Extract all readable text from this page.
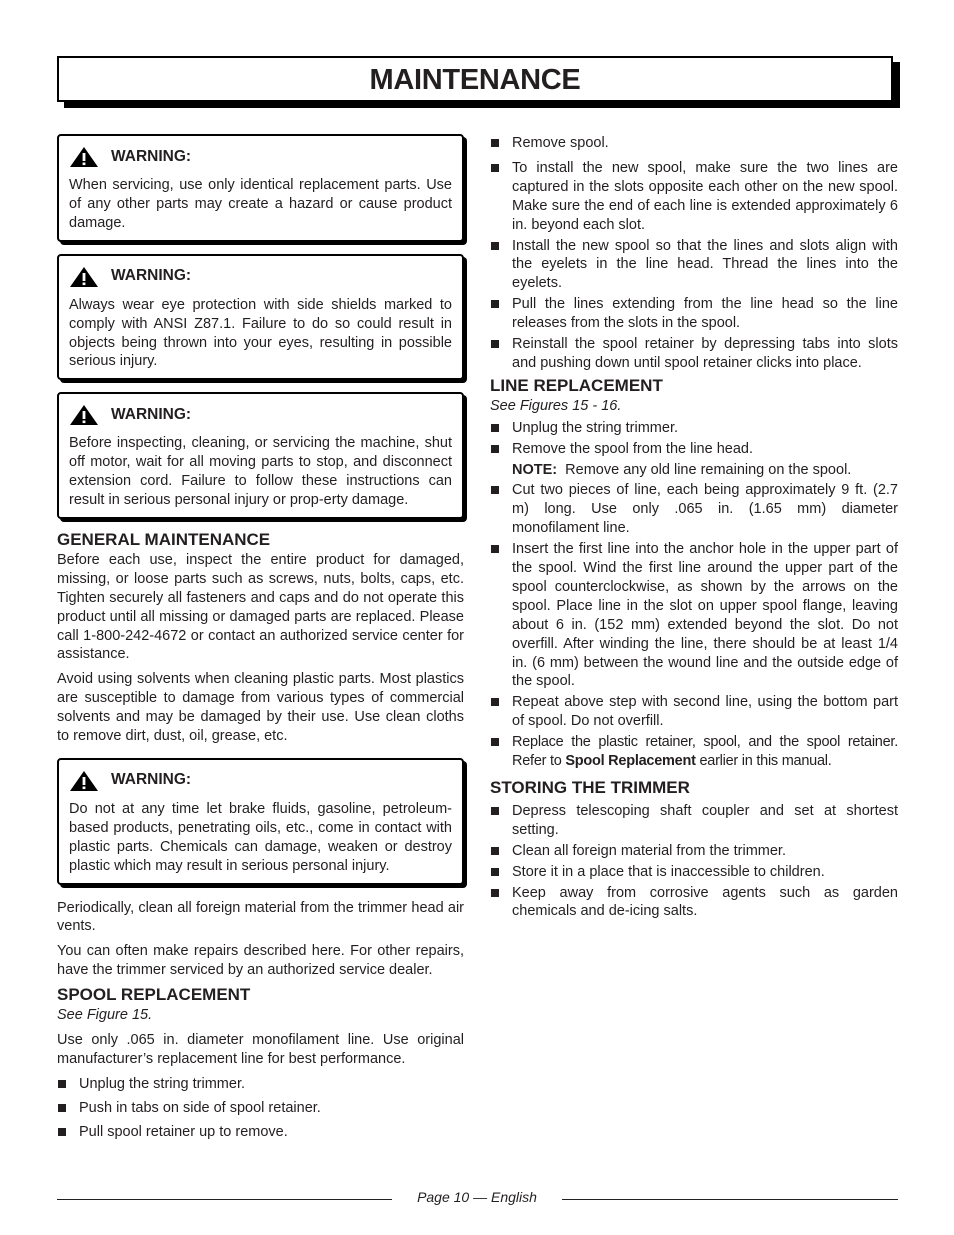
MAINTENANCE
WARNING:

When servicing, use only identical replacement parts. Use of any other parts may create a hazard or cause product damage.

WARNING:

Always wear eye protection with side shields marked to comply with ANSI Z87.1. Failure to do so could result in objects being thrown into your eyes, resulting in possible serious injury.

WARNING:

Before inspecting, cleaning, or servicing the machine, shut off motor, wait for all moving parts to stop, and disconnect extension cord. Failure to follow these instructions can result in serious personal injury or prop-erty damage.

GENERAL MAINTENANCE

Before each use, inspect the entire product for damaged, missing, or loose parts such as screws, nuts, bolts, caps, etc. Tighten securely all fasteners and caps and do not operate this product until all missing or damaged parts are replaced. Please call 1-800-242-4672 or contact an authorized service center for assistance.

Avoid using solvents when cleaning plastic parts. Most plastics are susceptible to damage from various types of commercial solvents and may be damaged by their use. Use clean cloths to remove dirt, dust, oil, grease, etc.

WARNING:

Do not at any time let brake fluids, gasoline, petroleum-based products, penetrating oils, etc., come in contact with plastic parts. Chemicals can damage, weaken or destroy plastic which may result in serious personal injury.

Periodically, clean all foreign material from the trimmer head air vents.

You can often make repairs described here. For other repairs, have the trimmer serviced by an authorized service dealer.

SPOOL REPLACEMENT

See Figure 15.

Use only .065 in. diameter monofilament line. Use original manufacturer’s replacement line for best performance.

Unplug the string trimmer.
Push in tabs on side of spool retainer.
Pull spool retainer up to remove.
Remove spool.
To install the new spool, make sure the two lines are captured in the slots opposite each other on the new spool. Make sure the end of each line is extended approximately 6 in. beyond each slot.
Install the new spool so that the lines and slots align with the eyelets in the line head. Thread the lines into the eyelets.
Pull the lines extending from the line head so the line releases from the slots in the spool.
Reinstall the spool retainer by depressing tabs into slots and pushing down until spool retainer clicks into place.
LINE REPLACEMENT

See Figures 15 - 16.

Unplug the string trimmer.
Remove the spool from the line head.

NOTE: Remove any old line remaining on the spool.

Cut two pieces of line, each being approximately 9 ft. (2.7 m) long. Use only .065 in. (1.65 mm) diameter monofilament line.
Insert the first line into the anchor hole in the upper part of the spool. Wind the first line around the upper part of the spool counterclockwise, as shown by the arrows on the spool. Place line in the slot on upper spool flange, leaving about 6 in. (152 mm) extended beyond the slot. Do not overfill. After winding the line, there should be at least 1/4 in. (6 mm) between the wound line and the outside edge of the spool.
Repeat above step with second line, using the bottom part of spool. Do not overfill.
Replace the plastic retainer, spool, and the spool retainer. Refer to Spool Replacement earlier in this manual.
STORING THE TRIMMER
Depress telescoping shaft coupler and set at shortest setting.
Clean all foreign material from the trimmer.
Store it in a place that is inaccessible to children.
Keep away from corrosive agents such as garden chemicals and de-icing salts.
Page 10 — English
